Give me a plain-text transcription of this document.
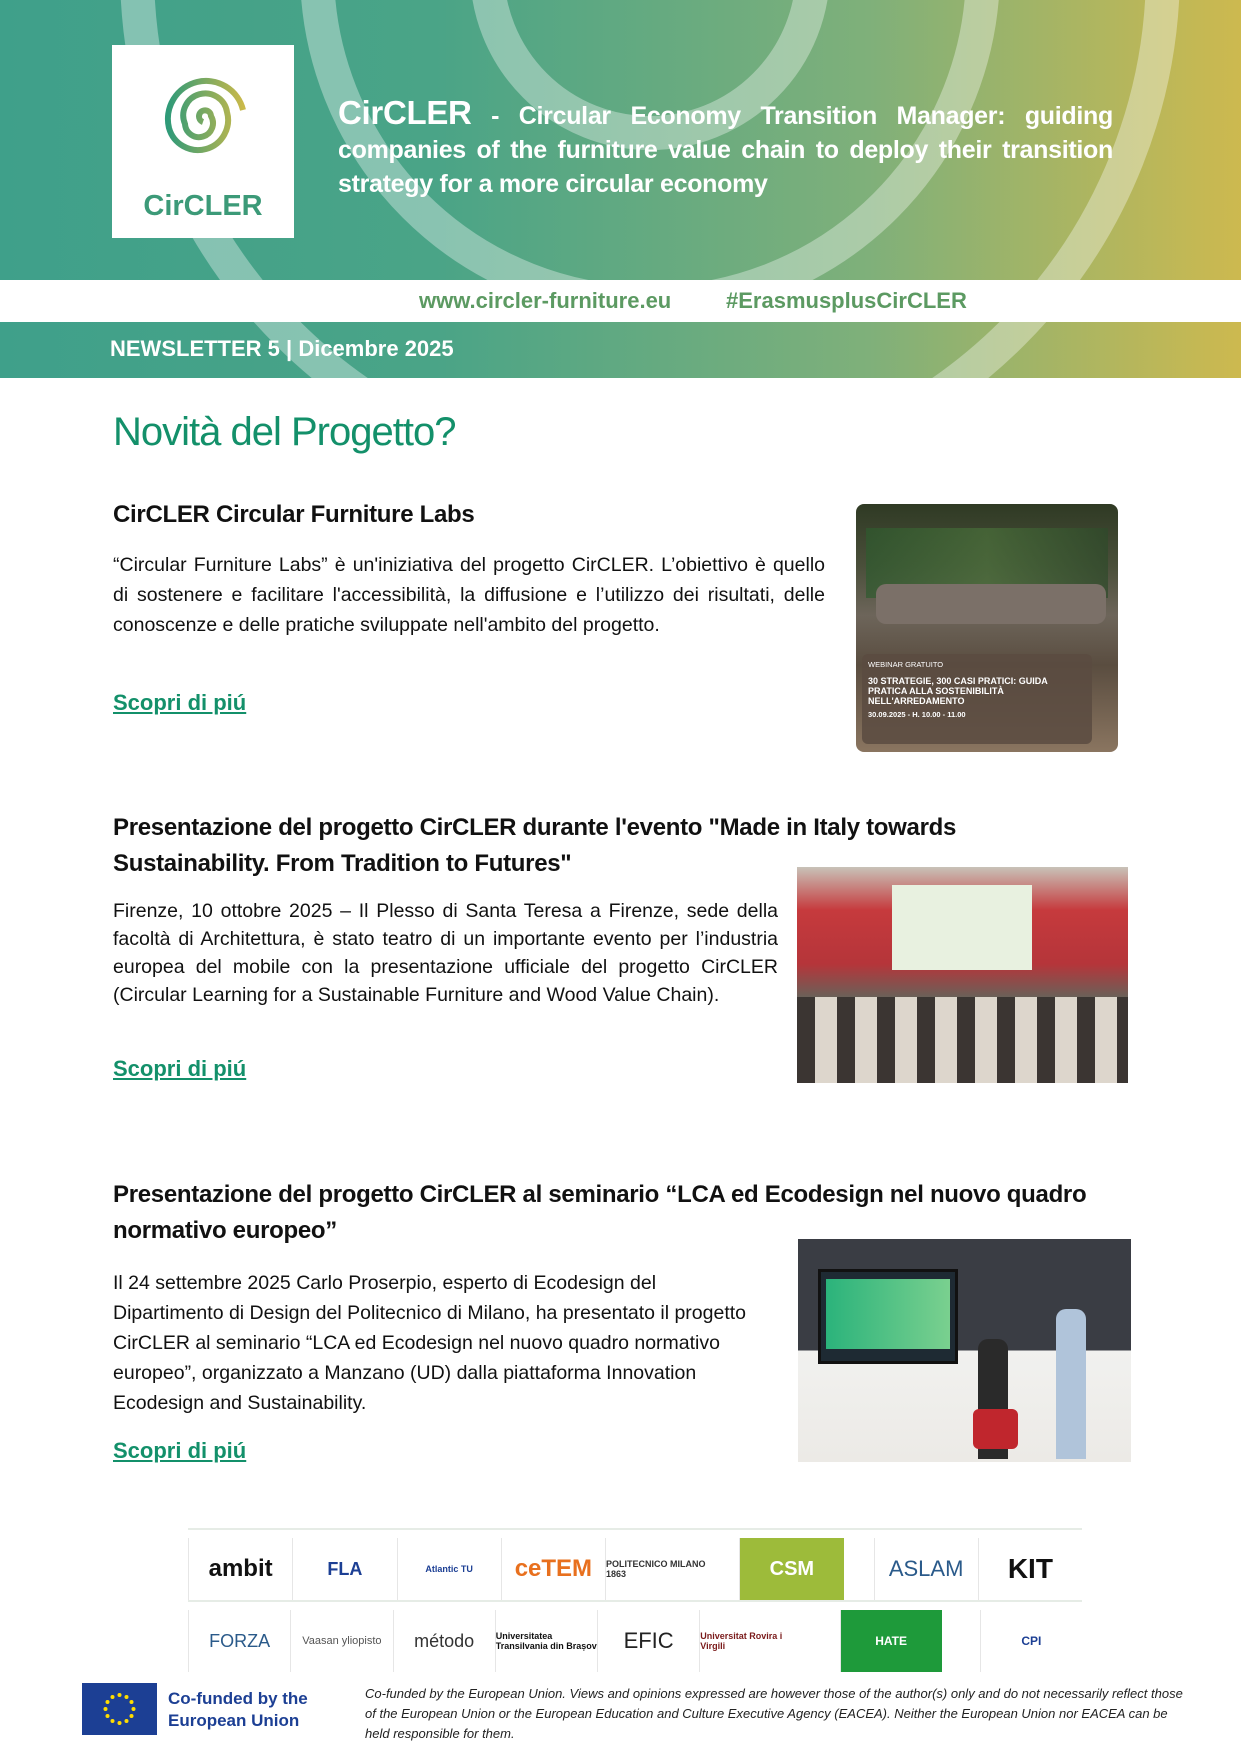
CirCLER
CirCLER - Circular Economy Transition Manager: guiding companies of the furniture value chain to deploy their transition strategy for a more circular economy
www.circler-furniture.eu #ErasmusplusCirCLER
NEWSLETTER 5 | Dicembre 2025
Novità del Progetto?
CirCLER Circular Furniture Labs
“Circular Furniture Labs” è un'iniziativa del progetto CirCLER. L’obiettivo è quello di sostenere e facilitare l'accessibilità, la diffusione e l’utilizzo dei risultati, delle conoscenze e delle pratiche sviluppate nell'ambito del progetto.
Scopri di piú
WEBINAR GRATUITO
30 STRATEGIE, 300 CASI PRATICI: GUIDA PRATICA ALLA SOSTENIBILITÀ NELL'ARREDAMENTO
30.09.2025 - H. 10.00 - 11.00
Presentazione del progetto CirCLER durante l'evento "Made in Italy towards Sustainability. From Tradition to Futures"
Firenze, 10 ottobre 2025 – Il Plesso di Santa Teresa a Firenze, sede della facoltà di Architettura, è stato teatro di un importante evento per l’industria europea del mobile con la presentazione ufficiale del progetto CirCLER (Circular Learning for a Sustainable Furniture and Wood Value Chain).
Scopri di piú
Presentazione del progetto CirCLER al seminario “LCA ed Ecodesign nel nuovo quadro normativo europeo”
Il 24 settembre 2025 Carlo Proserpio, esperto di Ecodesign del Dipartimento di Design del Politecnico di Milano, ha presentato il progetto CirCLER al seminario “LCA ed Ecodesign nel nuovo quadro normativo europeo”, organizzato a Manzano (UD) dalla piattaforma Innovation Ecodesign and Sustainability.
Scopri di piú
ambit	FLA	Atlantic TU	ceTEM	POLITECNICO MILANO 1863	CSM	ASLAM	KIT
FORZA	Vaasan yliopisto	método	Universitatea Transilvania din Brașov	EFIC	Universitat Rovira i Virgili	HATE	CPI
Co-funded by the European Union
Co-funded by the European Union. Views and opinions expressed are however those of the author(s) only and do not necessarily reflect those of the European Union or the European Education and Culture Executive Agency (EACEA). Neither the European Union nor EACEA can be held responsible for them.
